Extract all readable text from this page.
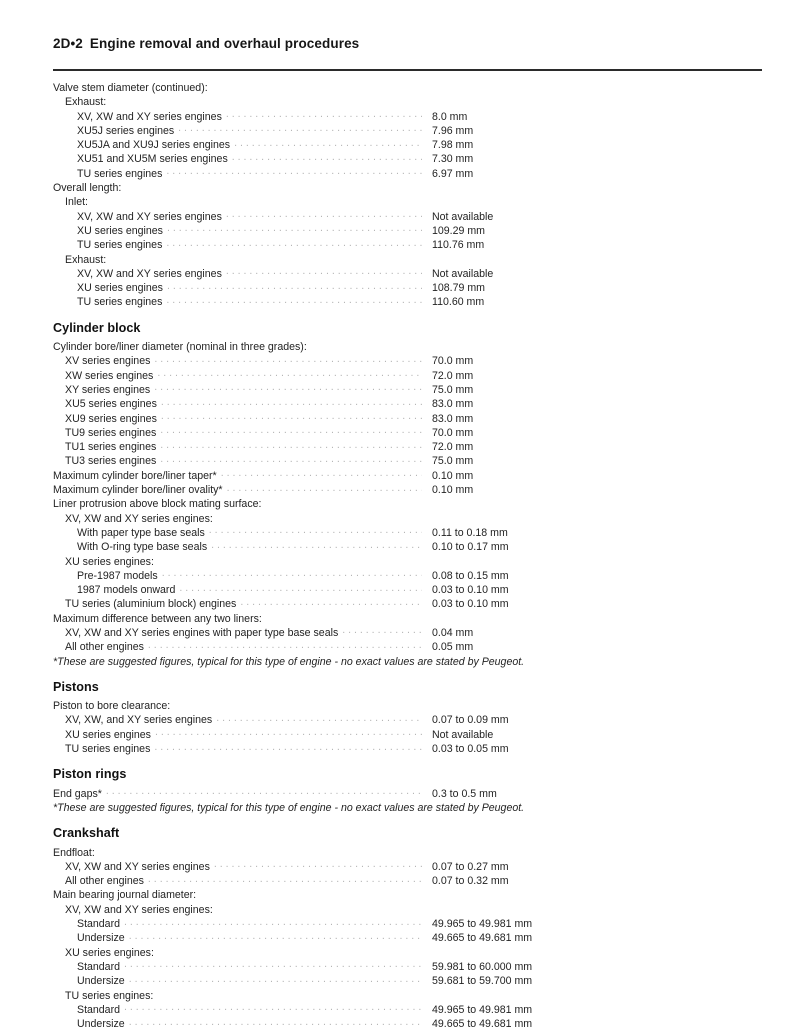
2D•2 Engine removal and overhaul procedures
Valve stem diameter (continued):
Exhaust:
XV, XW and XY series engines . . .	8.0 mm
XU5J series engines . . .	7.96 mm
XU5JA and XU9J series engines . . .	7.98 mm
XU51 and XU5M series engines . . .	7.30 mm
TU series engines . . .	6.97 mm
Overall length:
Inlet:
XV, XW and XY series engines . . .	Not available
XU series engines . . .	109.29 mm
TU series engines . . .	110.76 mm
Exhaust:
XV, XW and XY series engines . . .	Not available
XU series engines . . .	108.79 mm
TU series engines . . .	110.60 mm
Cylinder block
Cylinder bore/liner diameter (nominal in three grades):
XV series engines . . .	70.0 mm
XW series engines . . .	72.0 mm
XY series engines . . .	75.0 mm
XU5 series engines . . .	83.0 mm
XU9 series engines . . .	83.0 mm
TU9 series engines . . .	70.0 mm
TU1 series engines . . .	72.0 mm
TU3 series engines . . .	75.0 mm
Maximum cylinder bore/liner taper* . . .	0.10 mm
Maximum cylinder bore/liner ovality* . . .	0.10 mm
Liner protrusion above block mating surface:
XV, XW and XY series engines:
With paper type base seals . . .	0.11 to 0.18 mm
With O-ring type base seals . . .	0.10 to 0.17 mm
XU series engines:
Pre-1987 models . . .	0.08 to 0.15 mm
1987 models onward . . .	0.03 to 0.10 mm
TU series (aluminium block) engines . . .	0.03 to 0.10 mm
Maximum difference between any two liners:
XV, XW and XY series engines with paper type base seals . . .	0.04 mm
All other engines . . .	0.05 mm
*These are suggested figures, typical for this type of engine - no exact values are stated by Peugeot.
Pistons
Piston to bore clearance:
XV, XW, and XY series engines . . .	0.07 to 0.09 mm
XU series engines . . .	Not available
TU series engines . . .	0.03 to 0.05 mm
Piston rings
End gaps* . . .	0.3 to 0.5 mm
*These are suggested figures, typical for this type of engine - no exact values are stated by Peugeot.
Crankshaft
Endfloat:
XV, XW and XY series engines . . .	0.07 to 0.27 mm
All other engines . . .	0.07 to 0.32 mm
Main bearing journal diameter:
XV, XW and XY series engines:
Standard . . .	49.965 to 49.981 mm
Undersize . . .	49.665 to 49.681 mm
XU series engines:
Standard . . .	59.981 to 60.000 mm
Undersize . . .	59.681 to 59.700 mm
TU series engines:
Standard . . .	49.965 to 49.981 mm
Undersize . . .	49.665 to 49.681 mm
